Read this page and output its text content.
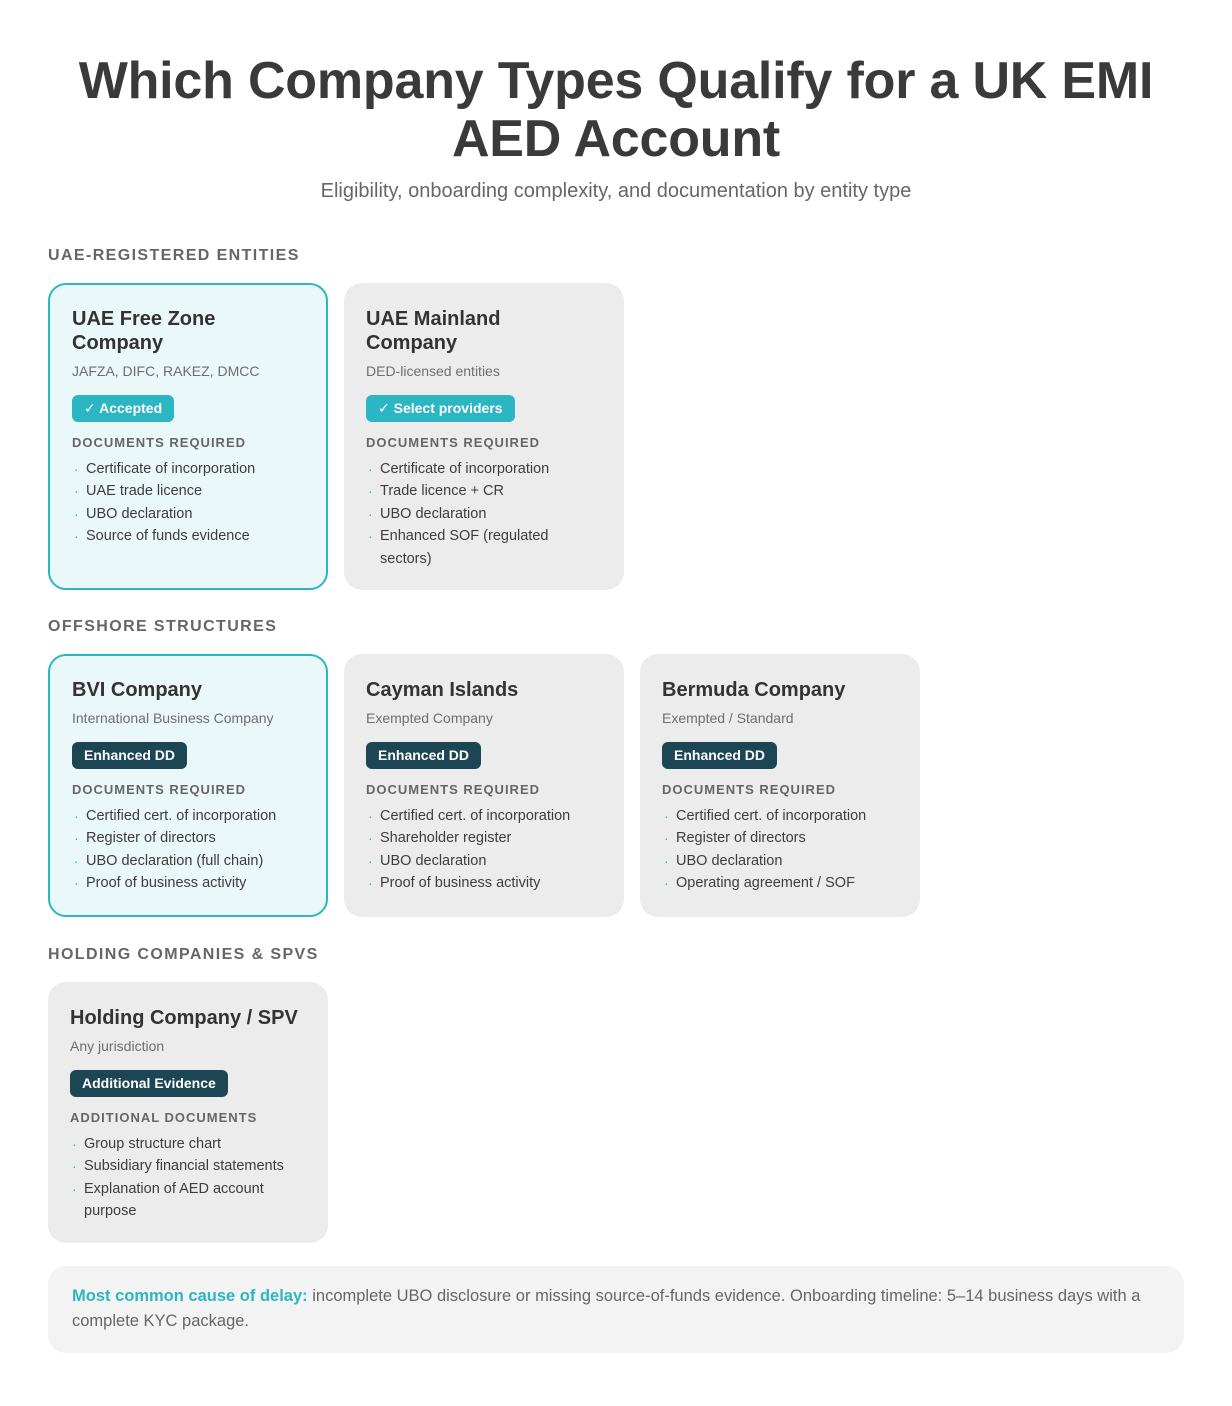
Which Company Types Qualify for a UK EMI AED Account
Eligibility, onboarding complexity, and documentation by entity type
UAE-REGISTERED ENTITIES
UAE Free Zone Company
JAFZA, DIFC, RAKEZ, DMCC
✓ Accepted
DOCUMENTS REQUIRED
· Certificate of incorporation
· UAE trade licence
· UBO declaration
· Source of funds evidence
UAE Mainland Company
DED-licensed entities
✓ Select providers
DOCUMENTS REQUIRED
· Certificate of incorporation
· Trade licence + CR
· UBO declaration
· Enhanced SOF (regulated sectors)
OFFSHORE STRUCTURES
BVI Company
International Business Company
Enhanced DD
DOCUMENTS REQUIRED
· Certified cert. of incorporation
· Register of directors
· UBO declaration (full chain)
· Proof of business activity
Cayman Islands
Exempted Company
Enhanced DD
DOCUMENTS REQUIRED
· Certified cert. of incorporation
· Shareholder register
· UBO declaration
· Proof of business activity
Bermuda Company
Exempted / Standard
Enhanced DD
DOCUMENTS REQUIRED
· Certified cert. of incorporation
· Register of directors
· UBO declaration
· Operating agreement / SOF
HOLDING COMPANIES & SPVS
Holding Company / SPV
Any jurisdiction
Additional Evidence
ADDITIONAL DOCUMENTS
· Group structure chart
· Subsidiary financial statements
· Explanation of AED account purpose
Most common cause of delay: incomplete UBO disclosure or missing source-of-funds evidence. Onboarding timeline: 5–14 business days with a complete KYC package.
